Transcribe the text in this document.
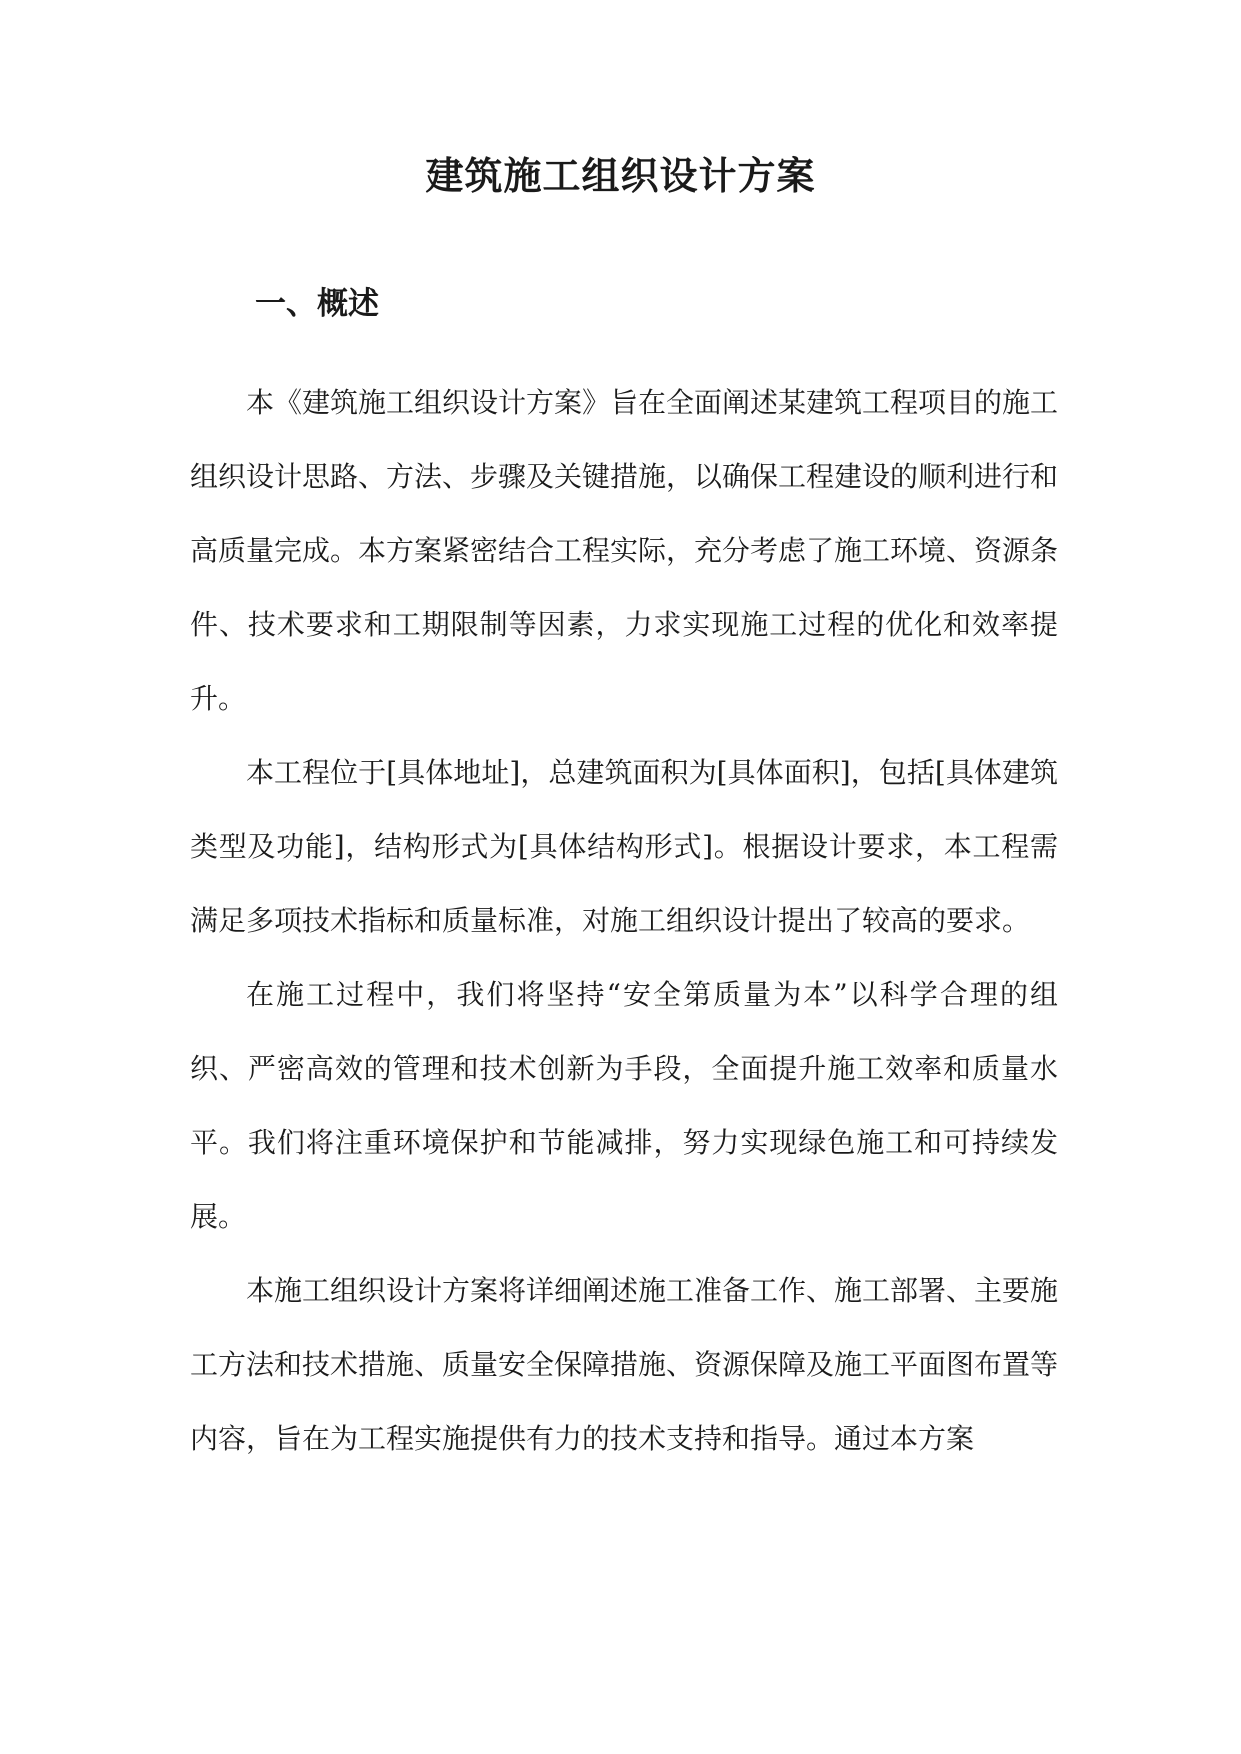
建筑施工组织设计方案
一、概述

本《建筑施工组织设计方案》旨在全面阐述某建筑工程项目的施工组织设计思路、方法、步骤及关键措施，以确保工程建设的顺利进行和高质量完成。本方案紧密结合工程实际，充分考虑了施工环境、资源条件、技术要求和工期限制等因素，力求实现施工过程的优化和效率提升。

本工程位于[具体地址]，总建筑面积为[具体面积]，包括[具体建筑类型及功能]，结构形式为[具体结构形式]。根据设计要求，本工程需满足多项技术指标和质量标准，对施工组织设计提出了较高的要求。

在施工过程中，我们将坚持“安全第质量为本”以科学合理的组织、严密高效的管理和技术创新为手段，全面提升施工效率和质量水平。我们将注重环境保护和节能减排，努力实现绿色施工和可持续发展。

本施工组织设计方案将详细阐述施工准备工作、施工部署、主要施工方法和技术措施、质量安全保障措施、资源保障及施工平面图布置等内容，旨在为工程实施提供有力的技术支持和指导。通过本方案
